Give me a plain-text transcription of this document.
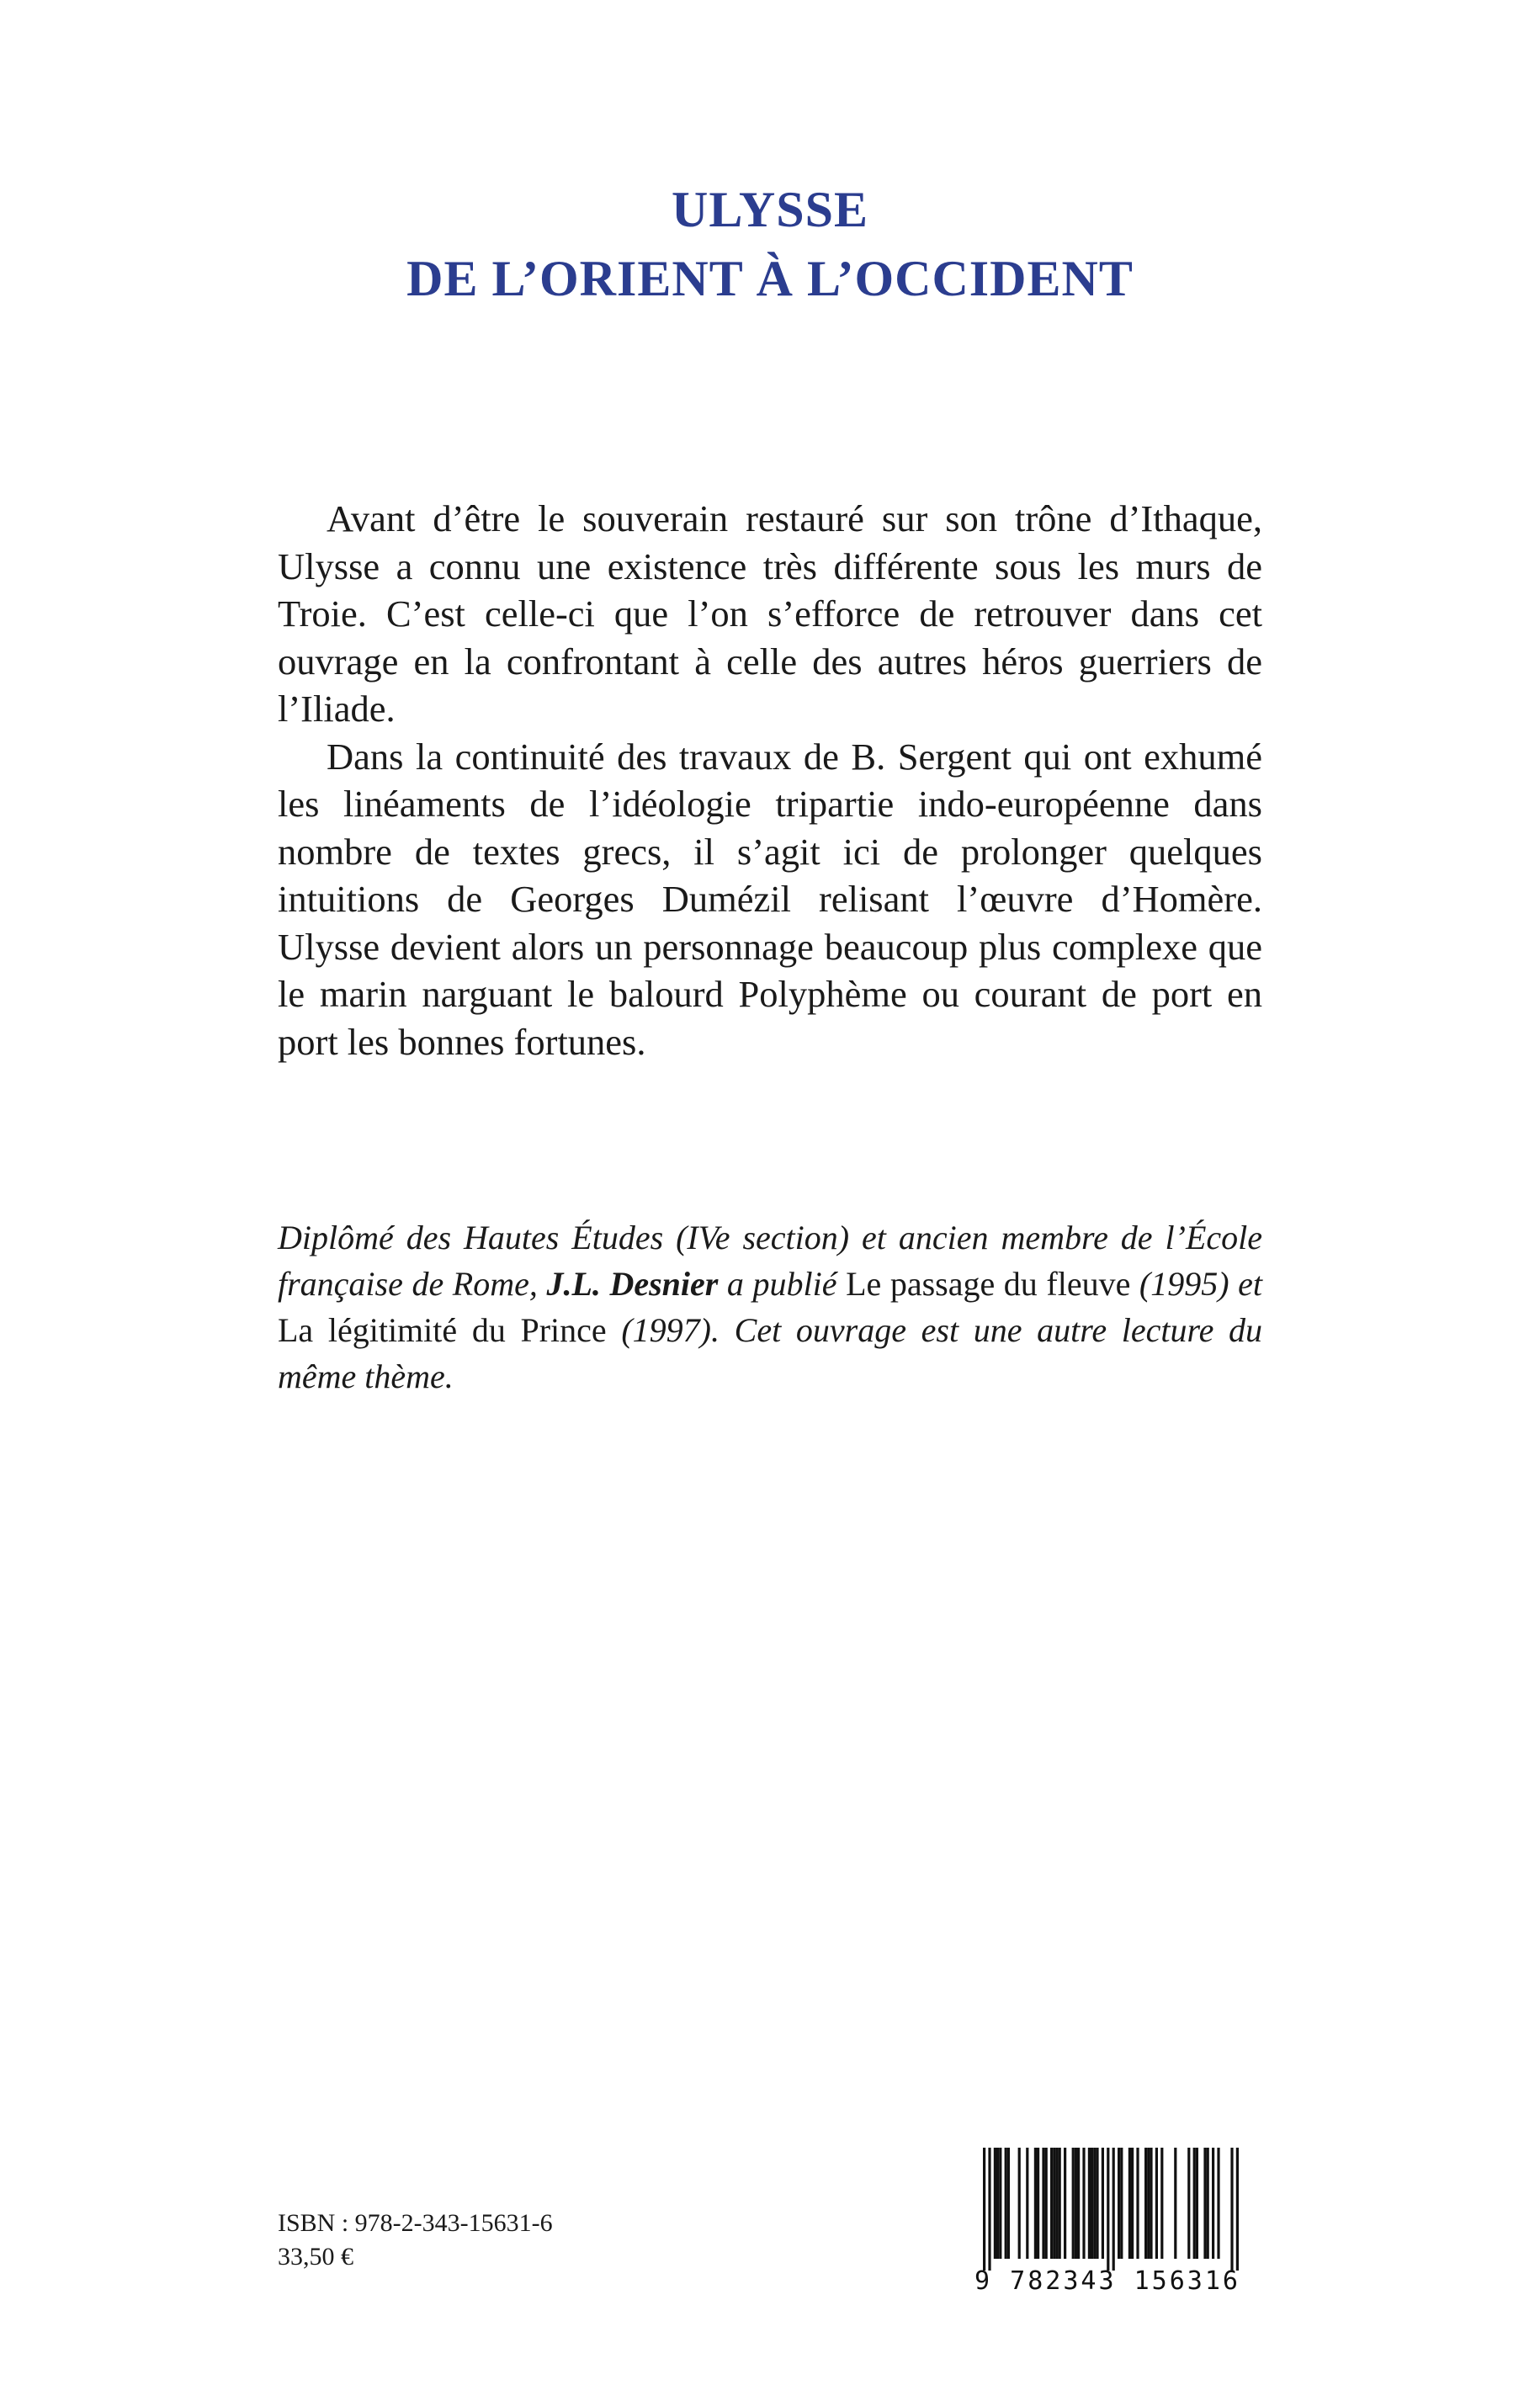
ULYSSE
DE L’ORIENT À L’OCCIDENT

Avant d’être le souverain restauré sur son trône d’Ithaque, Ulysse a connu une existence très différente sous les murs de Troie. C’est celle-ci que l’on s’efforce de retrouver dans cet ouvrage en la confrontant à celle des autres héros guerriers de l’Iliade.

Dans la continuité des travaux de B. Sergent qui ont exhumé les linéaments de l’idéologie tripartie indo-européenne dans nombre de textes grecs, il s’agit ici de prolonger quelques intuitions de Georges Dumézil relisant l’œuvre d’Homère. Ulysse devient alors un personnage beaucoup plus complexe que le marin narguant le balourd Polyphème ou courant de port en port les bonnes fortunes.

Diplômé des Hautes Études (IVe section) et ancien membre de l’École française de Rome, J.L. Desnier a publié Le passage du fleuve (1995) et La légitimité du Prince (1997). Cet ouvrage est une autre lecture du même thème.

ISBN : 978-2-343-15631-6
33,50 €
9 782343 156316
